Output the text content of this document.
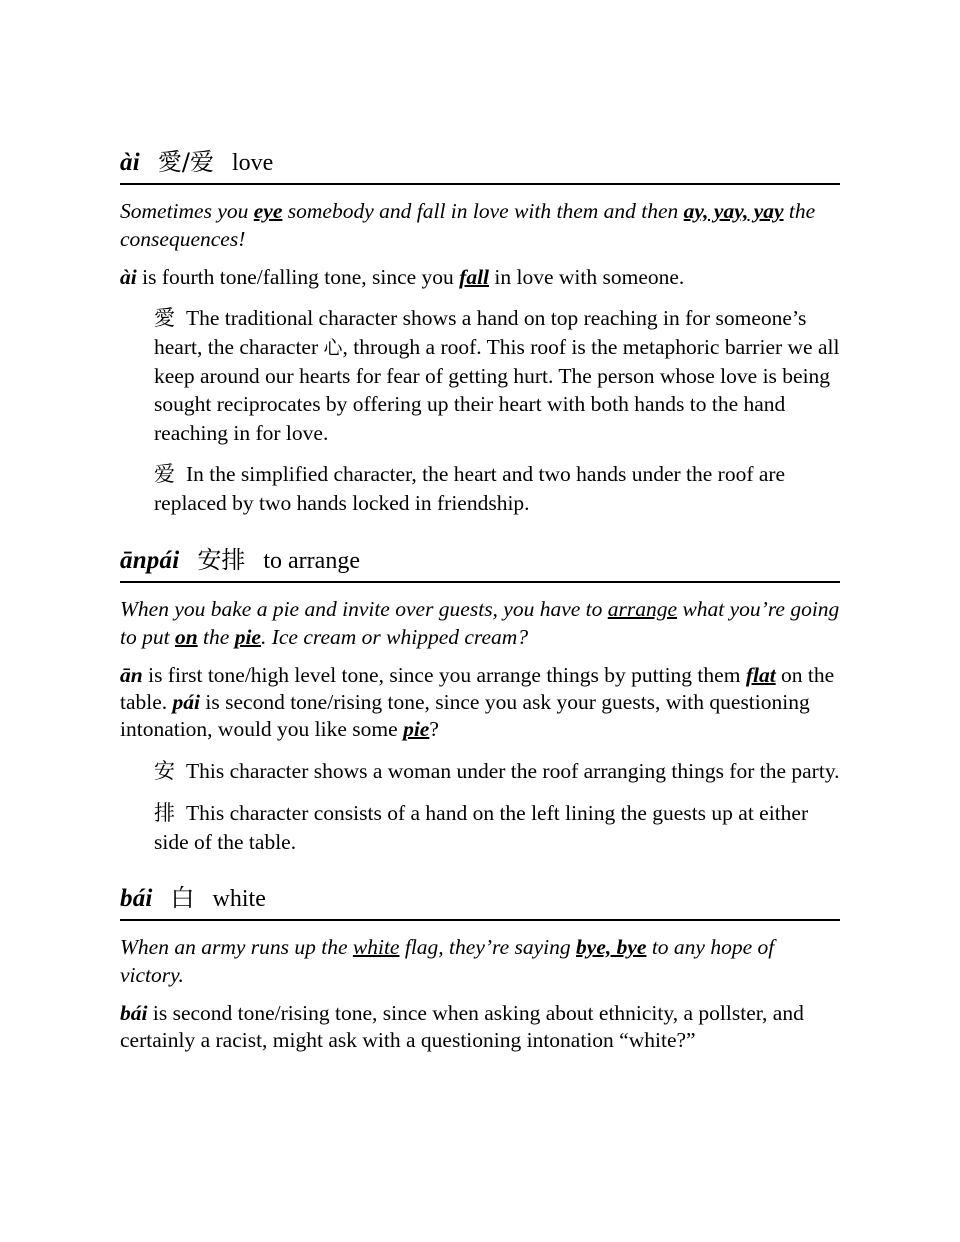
ài 愛/爱 love

Sometimes you eye somebody and fall in love with them and then ay, yay, yay the consequences!

ài is fourth tone/falling tone, since you fall in love with someone.

愛 The traditional character shows a hand on top reaching in for someone’s heart, the character 心, through a roof. This roof is the metaphoric barrier we all keep around our hearts for fear of getting hurt. The person whose love is being sought reciprocates by offering up their heart with both hands to the hand reaching in for love.

爱 In the simplified character, the heart and two hands under the roof are replaced by two hands locked in friendship.

ānpái 安排 to arrange

When you bake a pie and invite over guests, you have to arrange what you’re going to put on the pie. Ice cream or whipped cream?

ān is first tone/high level tone, since you arrange things by putting them flat on the table. pái is second tone/rising tone, since you ask your guests, with questioning intonation, would you like some pie?

安 This character shows a woman under the roof arranging things for the party.

排 This character consists of a hand on the left lining the guests up at either side of the table.

bái 白 white

When an army runs up the white flag, they’re saying bye, bye to any hope of victory.

bái is second tone/rising tone, since when asking about ethnicity, a pollster, and certainly a racist, might ask with a questioning intonation “white?”
